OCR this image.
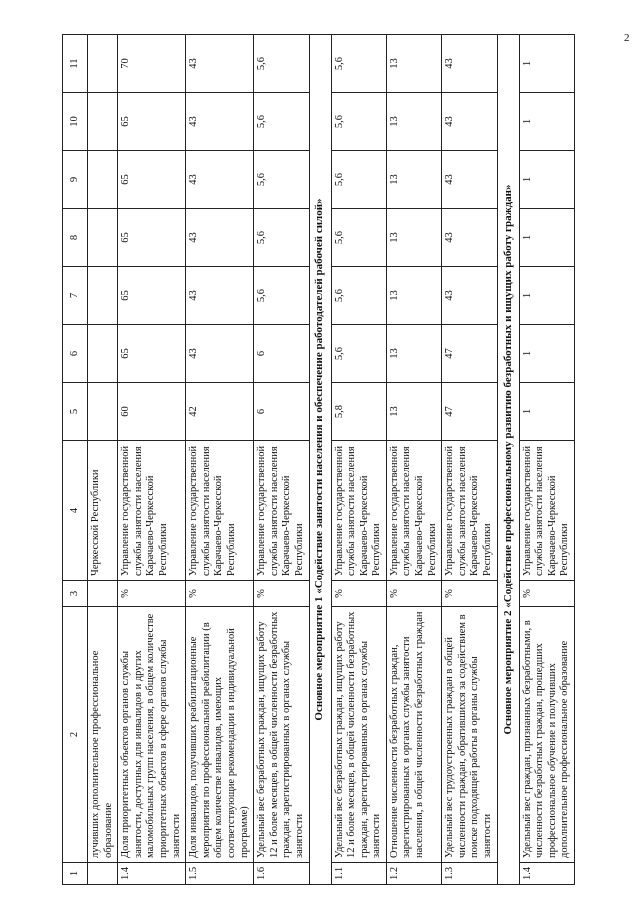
2
1	2	3	4	5	6	7	8	9	10	11
	лучивших дополнительное профессиональное образование		Черкесской Республики							
1.4	Доля приоритетных объектов органов службы занятости, доступных для инвалидов и других маломобильных групп населения, в общем количестве приоритетных объектов в сфере органов службы занятости	%	Управление государственной службы занятости населения Карачаево-Черкесской Республики	60	65	65	65	65	65	70
1.5	Доля инвалидов, получивших реабилитационные мероприятия по профессиональной реабилитации (в общем количестве инвалидов, имеющих соответствующие рекомендации в индивидуальной программе)	%	Управление государственной службы занятости населения Карачаево-Черкесской Республики	42	43	43	43	43	43	43
1.6	Удельный вес безработных граждан, ищущих работу 12 и более месяцев, в общей численности безработных граждан, зарегистрированных в органах службы занятости	%	Управление государственной службы занятости населения Карачаево-Черкесской Республики	6	6	5,6	5,6	5,6	5,6	5,6
Основное мероприятие 1 «Содействие занятости населения и обеспечение работодателей рабочей силой»										
1.1	Удельный вес безработных граждан, ищущих работу 12 и более месяцев, в общей численности безработных граждан, зарегистрированных в органах службы занятости	%	Управление государственной службы занятости населения Карачаево-Черкесской Республики	5,8	5,6	5,6	5,6	5,6	5,6	5,6
1.2	Отношение численности безработных граждан, зарегистрированных в органах службы занятости населения, в общей численности безработных граждан	%	Управление государственной службы занятости населения Карачаево-Черкесской Республики	13	13	13	13	13	13	13
1.3	Удельный вес трудоустроенных граждан в общей численности граждан, обратившихся за содействием в поиске подходящей работы в органы службы занятости	%	Управление государственной службы занятости населения Карачаево-Черкесской Республики	47	47	43	43	43	43	43
Основное мероприятие 2 «Содействие профессиональному развитию безработных и ищущих работу граждан»										
1.4	Удельный вес граждан, признанных безработными, в численности безработных граждан, прошедших профессиональное обучение и получивших дополнительное профессиональное образование	%	Управление государственной службы занятости населения Карачаево-Черкесской Республики	1	1	1	1	1	1	1
